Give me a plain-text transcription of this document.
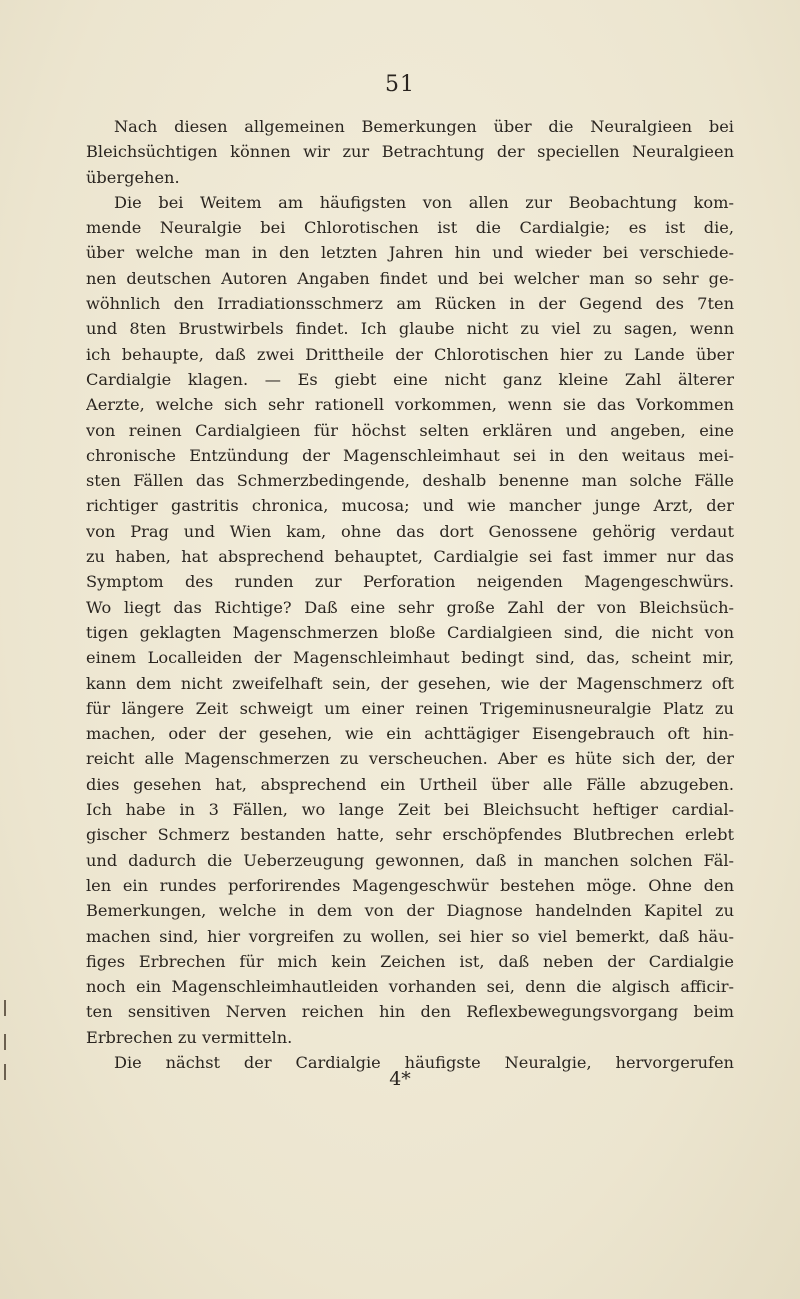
51
Nach diesen allgemeinen Bemerkungen über die Neuralgieen bei
Bleichsüchtigen können wir zur Betrachtung der speciellen Neuralgieen
übergehen.
Die bei Weitem am häufigsten von allen zur Beobachtung kom-
mende Neuralgie bei Chlorotischen ist die Cardialgie; es ist die,
über welche man in den letzten Jahren hin und wieder bei verschiede-
nen deutschen Autoren Angaben findet und bei welcher man so sehr ge-
wöhnlich den Irradiationsschmerz am Rücken in der Gegend des 7ten
und 8ten Brustwirbels findet. Ich glaube nicht zu viel zu sagen, wenn
ich behaupte, daß zwei Drittheile der Chlorotischen hier zu Lande über
Cardialgie klagen. — Es giebt eine nicht ganz kleine Zahl älterer
Aerzte, welche sich sehr rationell vorkommen, wenn sie das Vorkommen
von reinen Cardialgieen für höchst selten erklären und angeben, eine
chronische Entzündung der Magenschleimhaut sei in den weitaus mei-
sten Fällen das Schmerzbedingende, deshalb benenne man solche Fälle
richtiger gastritis chronica, mucosa; und wie mancher junge Arzt, der
von Prag und Wien kam, ohne das dort Genossene gehörig verdaut
zu haben, hat absprechend behauptet, Cardialgie sei fast immer nur das
Symptom des runden zur Perforation neigenden Magengeschwürs.
Wo liegt das Richtige? Daß eine sehr große Zahl der von Bleichsüch-
tigen geklagten Magenschmerzen bloße Cardialgieen sind, die nicht von
einem Localleiden der Magenschleimhaut bedingt sind, das, scheint mir,
kann dem nicht zweifelhaft sein, der gesehen, wie der Magenschmerz oft
für längere Zeit schweigt um einer reinen Trigeminusneuralgie Platz zu
machen, oder der gesehen, wie ein achttägiger Eisengebrauch oft hin-
reicht alle Magenschmerzen zu verscheuchen. Aber es hüte sich der, der
dies gesehen hat, absprechend ein Urtheil über alle Fälle abzugeben.
Ich habe in 3 Fällen, wo lange Zeit bei Bleichsucht heftiger cardial-
gischer Schmerz bestanden hatte, sehr erschöpfendes Blutbrechen erlebt
und dadurch die Ueberzeugung gewonnen, daß in manchen solchen Fäl-
len ein rundes perforirendes Magengeschwür bestehen möge. Ohne den
Bemerkungen, welche in dem von der Diagnose handelnden Kapitel zu
machen sind, hier vorgreifen zu wollen, sei hier so viel bemerkt, daß häu-
figes Erbrechen für mich kein Zeichen ist, daß neben der Cardialgie
noch ein Magenschleimhautleiden vorhanden sei, denn die algisch afficir-
ten sensitiven Nerven reichen hin den Reflexbewegungsvorgang beim
Erbrechen zu vermitteln.
Die nächst der Cardialgie häufigste Neuralgie, hervorgerufen
4*
